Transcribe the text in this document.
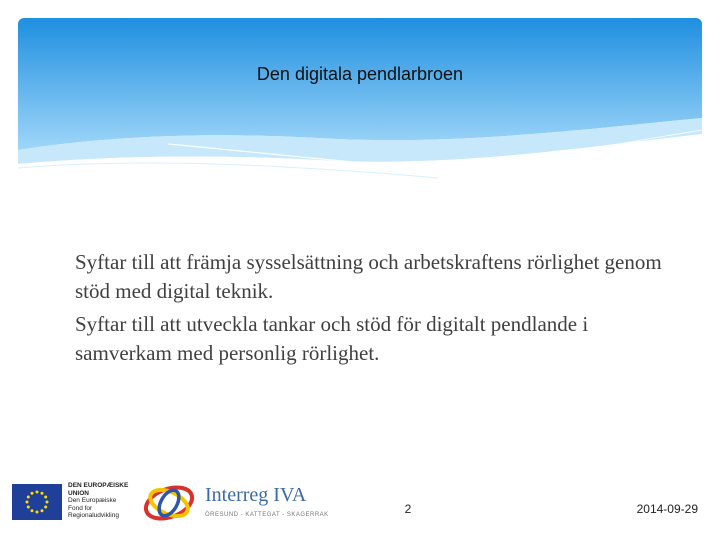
Den digitala pendlarbroen

Syftar till att främja sysselsättning och arbetskraftens rörlighet genom stöd med digital teknik.

Syftar till att utveckla tankar och stöd för digitalt pendlande i samverkam med personlig rörlighet.

DEN EUROPÆISKE
UNION
Den Europæiske
Fond for
Regionaludvikling
Interreg IVA
ÖRESUND - KATTEGAT - SKAGERRAK	2	2014-09-29
